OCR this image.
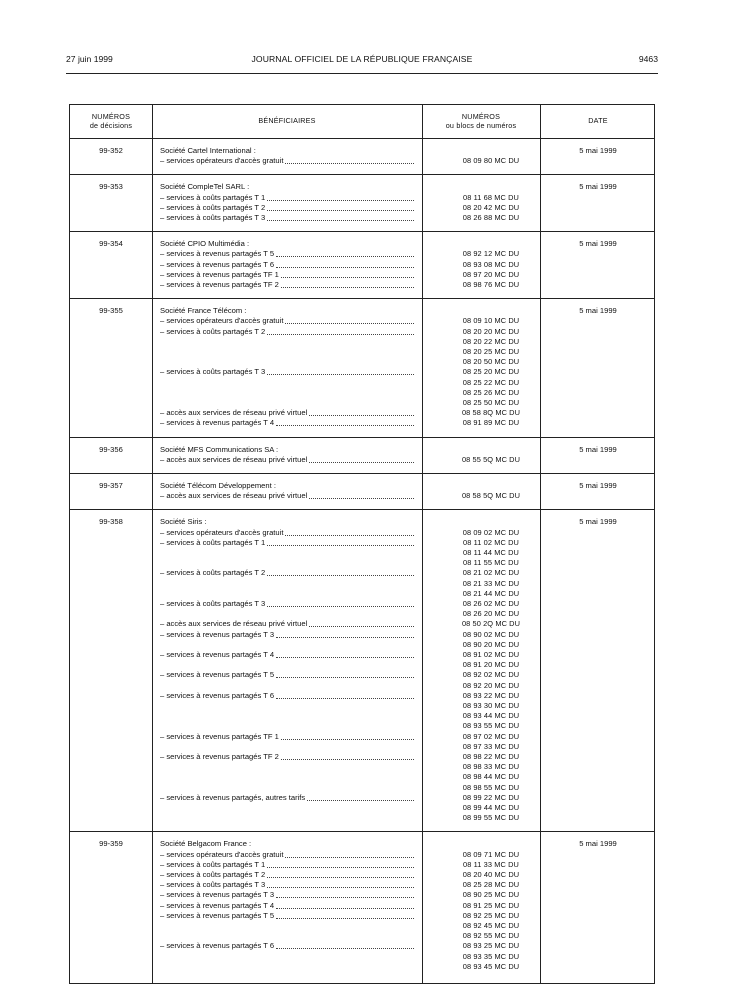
27 juin 1999	JOURNAL OFFICIEL DE LA RÉPUBLIQUE FRANÇAISE	9463
NUMÉROS
de décisions	BÉNÉFICIAIRES	NUMÉROS
ou blocs de numéros	DATE
99-352	5 mai 1999
Société Cartel International :
– services opérateurs d'accès gratuit	08 09 80 MC DU
99-353	5 mai 1999
Société CompleTel SARL :
– services à coûts partagés T 1	08 11 68 MC DU
– services à coûts partagés T 2	08 20 42 MC DU
– services à coûts partagés T 3	08 26 88 MC DU
99-354	5 mai 1999
Société CPIO Multimédia :
– services à revenus partagés T 5	08 92 12 MC DU
– services à revenus partagés T 6	08 93 08 MC DU
– services à revenus partagés TF 1	08 97 20 MC DU
– services à revenus partagés TF 2	08 98 76 MC DU
99-355	5 mai 1999
Société France Télécom :
– services opérateurs d'accès gratuit	08 09 10 MC DU
– services à coûts partagés T 2	08 20 20 MC DU
08 20 22 MC DU
08 20 25 MC DU
08 20 50 MC DU
– services à coûts partagés T 3	08 25 20 MC DU
08 25 22 MC DU
08 25 26 MC DU
08 25 50 MC DU
– accès aux services de réseau privé virtuel	08 58 8Q MC DU
– services à revenus partagés T 4	08 91 89 MC DU
99-356	5 mai 1999
Société MFS Communications SA :
– accès aux services de réseau privé virtuel	08 55 5Q MC DU
99-357	5 mai 1999
Société Télécom Développement :
– accès aux services de réseau privé virtuel	08 58 5Q MC DU
99-358	5 mai 1999
Société Siris :
– services opérateurs d'accès gratuit	08 09 02 MC DU
– services à coûts partagés T 1	08 11 02 MC DU
08 11 44 MC DU
08 11 55 MC DU
– services à coûts partagés T 2	08 21 02 MC DU
08 21 33 MC DU
08 21 44 MC DU
– services à coûts partagés T 3	08 26 02 MC DU
08 26 20 MC DU
– accès aux services de réseau privé virtuel	08 50 2Q MC DU
– services à revenus partagés T 3	08 90 02 MC DU
08 90 20 MC DU
– services à revenus partagés T 4	08 91 02 MC DU
08 91 20 MC DU
– services à revenus partagés T 5	08 92 02 MC DU
08 92 20 MC DU
– services à revenus partagés T 6	08 93 22 MC DU
08 93 30 MC DU
08 93 44 MC DU
08 93 55 MC DU
– services à revenus partagés TF 1	08 97 02 MC DU
08 97 33 MC DU
– services à revenus partagés TF 2	08 98 22 MC DU
08 98 33 MC DU
08 98 44 MC DU
08 98 55 MC DU
– services à revenus partagés, autres tarifs	08 99 22 MC DU
08 99 44 MC DU
08 99 55 MC DU
99-359	5 mai 1999
Société Belgacom France :
– services opérateurs d'accès gratuit	08 09 71 MC DU
– services à coûts partagés T 1	08 11 33 MC DU
– services à coûts partagés T 2	08 20 40 MC DU
– services à coûts partagés T 3	08 25 28 MC DU
– services à revenus partagés T 3	08 90 25 MC DU
– services à revenus partagés T 4	08 91 25 MC DU
– services à revenus partagés T 5	08 92 25 MC DU
08 92 45 MC DU
08 92 55 MC DU
– services à revenus partagés T 6	08 93 25 MC DU
08 93 35 MC DU
08 93 45 MC DU
